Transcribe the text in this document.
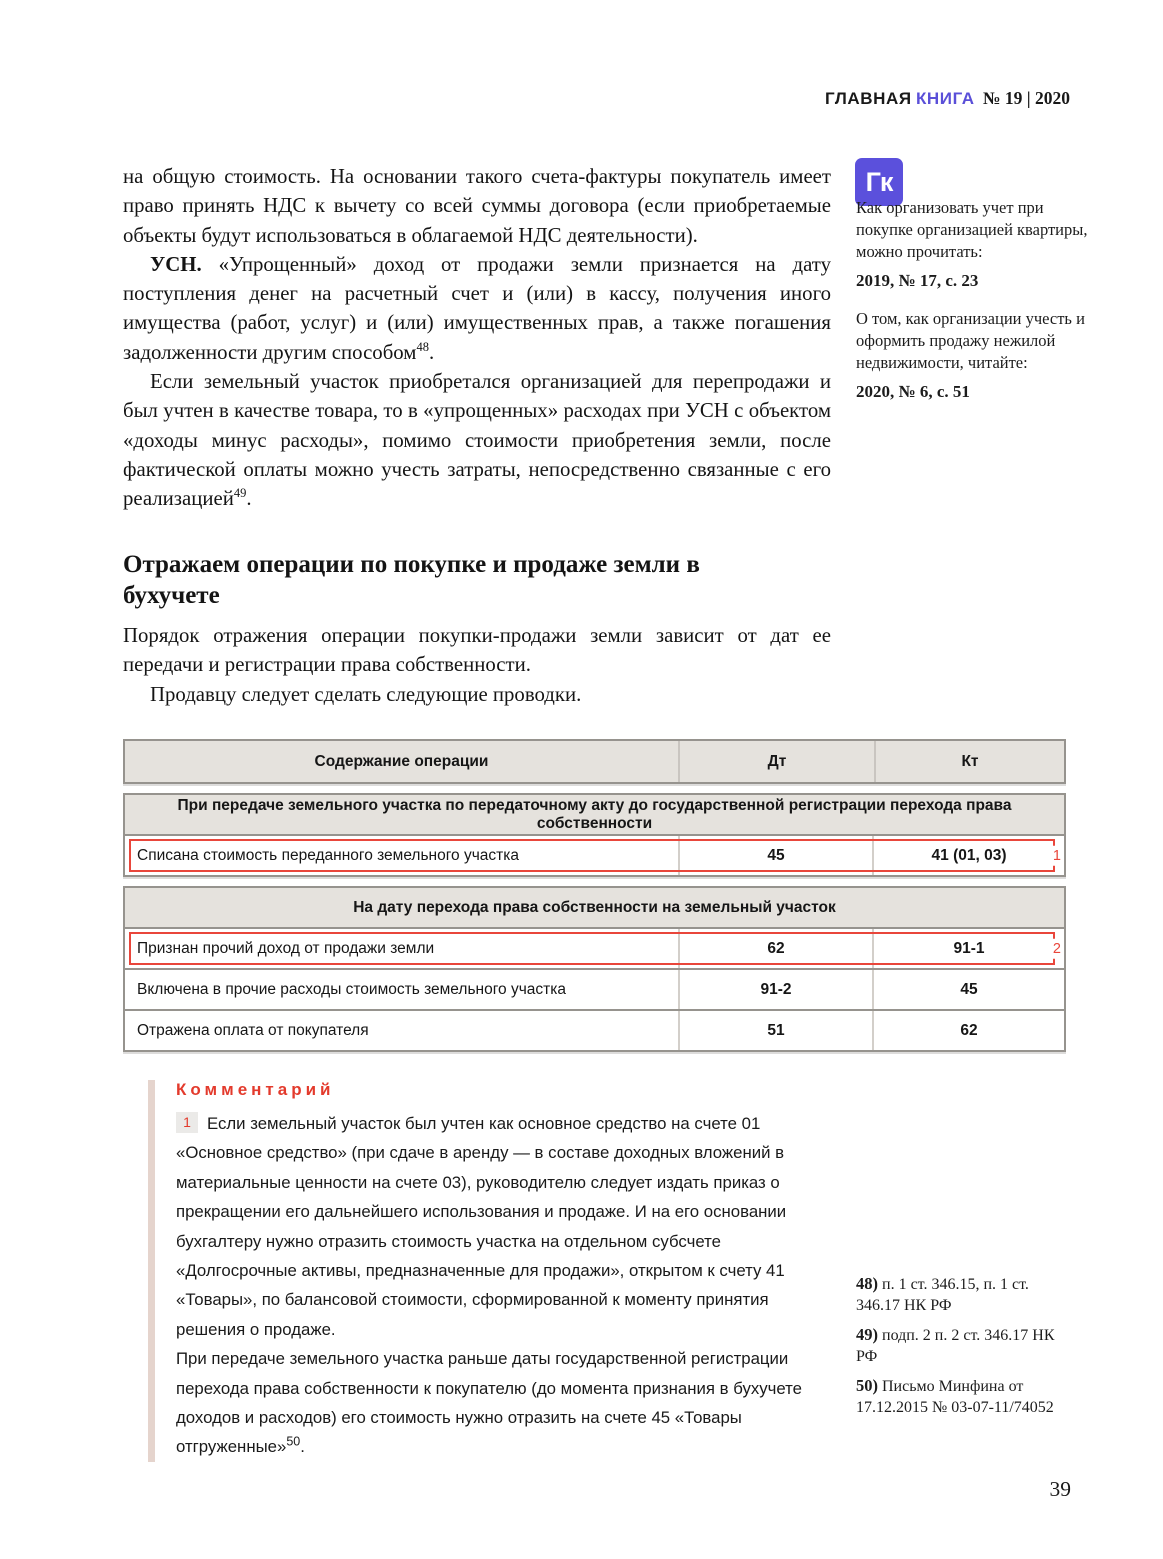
ГЛАВНАЯ КНИГА № 19 | 2020
Гк
Как организовать учет при покупке организацией квартиры, можно прочитать:
2019, № 17, с. 23
О том, как организации учесть и оформить продажу нежилой недвижимости, читайте:
2020, № 6, с. 51

на общую стоимость. На основании такого счета-фактуры покупатель имеет право принять НДС к вычету со всей суммы договора (если приобретаемые объекты будут использоваться в облагаемой НДС деятельности).

УСН. «Упрощенный» доход от продажи земли признается на дату поступления денег на расчетный счет и (или) в кассу, получения иного имущества (работ, услуг) и (или) имущественных прав, а также погашения задолженности другим способом$^{48}$.

Если земельный участок приобретался организацией для перепродажи и был учтен в качестве товара, то в «упрощенных» расходах при УСН с объектом «доходы минус расходы», помимо стоимости приобретения земли, после фактической оплаты можно учесть затраты, непосредственно связанные с его реализацией$^{49}$.

Отражаем операции по покупке и продаже земли в бухучете

Порядок отражения операции покупки-продажи земли зависит от дат ее передачи и регистрации права собственности.

Продавцу следует сделать следующие проводки.

Содержание операции	Дт	Кт
При передаче земельного участка по передаточному акту до государственной регистрации перехода права собственности
Списана стоимость переданного земельного участка	45	41 (01, 03)	1
На дату перехода права собственности на земельный участок
Признан прочий доход от продажи земли	62	91-1	2
Включена в прочие расходы стоимость земельного участка	91-2	45
Отражена оплата от покупателя	51	62
Комментарий

1 Если земельный участок был учтен как основное средство на счете 01 «Основное средство» (при сдаче в аренду — в составе доходных вложений в материальные ценности на счете 03), руководителю следует издать приказ о прекращении его дальнейшего использования и продаже. И на его основании бухгалтеру нужно отразить стоимость участка на отдельном субсчете «Долгосрочные активы, предназначенные для продажи», открытом к счету 41 «Товары», по балансовой стоимости, сформированной к моменту принятия решения о продаже.

При передаче земельного участка раньше даты государственной регистрации перехода права собственности к покупателю (до момента признания в бухучете доходов и расходов) его стоимость нужно отразить на счете 45 «Товары отгруженные»$^{50}$.

48) п. 1 ст. 346.15, п. 1 ст. 346.17 НК РФ
49) подп. 2 п. 2 ст. 346.17 НК РФ
50) Письмо Минфина от 17.12.2015 № 03-07-11/74052
39
